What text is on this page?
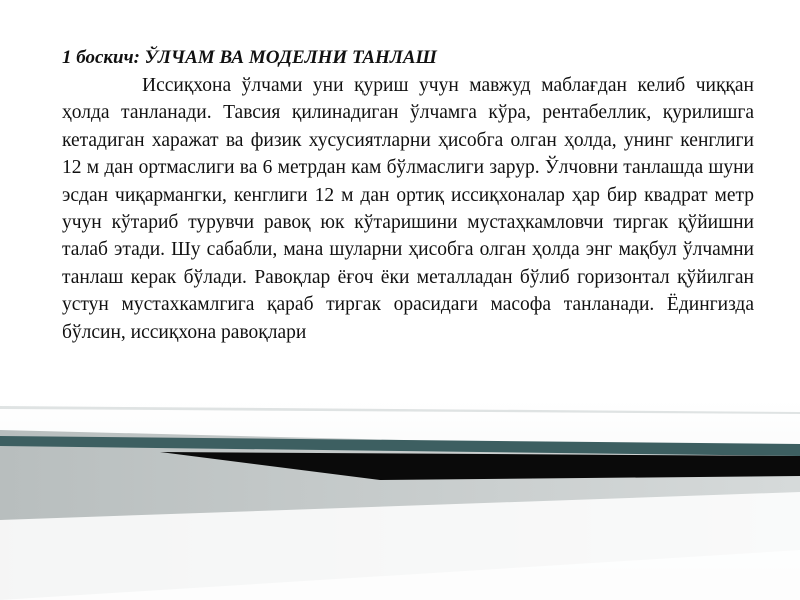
1 боскич: ЎЛЧАМ ВА МОДЕЛНИ ТАНЛАШ

Иссиқхона ўлчами уни қуриш учун мавжуд маблағдан келиб чиққан ҳолда танланади. Тавсия қилинадиган ўлчамга кўра, рентабеллик, қурилишга кетадиган харажат ва физик хусусиятларни ҳисобга олган ҳолда, унинг кенглиги 12 м дан ортмаслиги ва 6 метрдан кам бўлмаслиги зарур. Ўлчовни танлашда шуни эсдан чиқармангки, кенглиги 12 м дан ортиқ иссиқхоналар ҳар бир квадрат метр учун кўтариб турувчи равоқ юк кўтаришини мустаҳкамловчи тиргак қўйишни талаб этади. Шу сабабли, мана шуларни ҳисобга олган ҳолда энг мақбул ўлчамни танлаш керак бўлади. Равоқлар ёғоч ёки металладан бўлиб горизонтал қўйилган устун мустахкамлгига қараб тиргак орасидаги масофа танланади. Ёдингизда бўлсин, иссиқхона равоқлари
